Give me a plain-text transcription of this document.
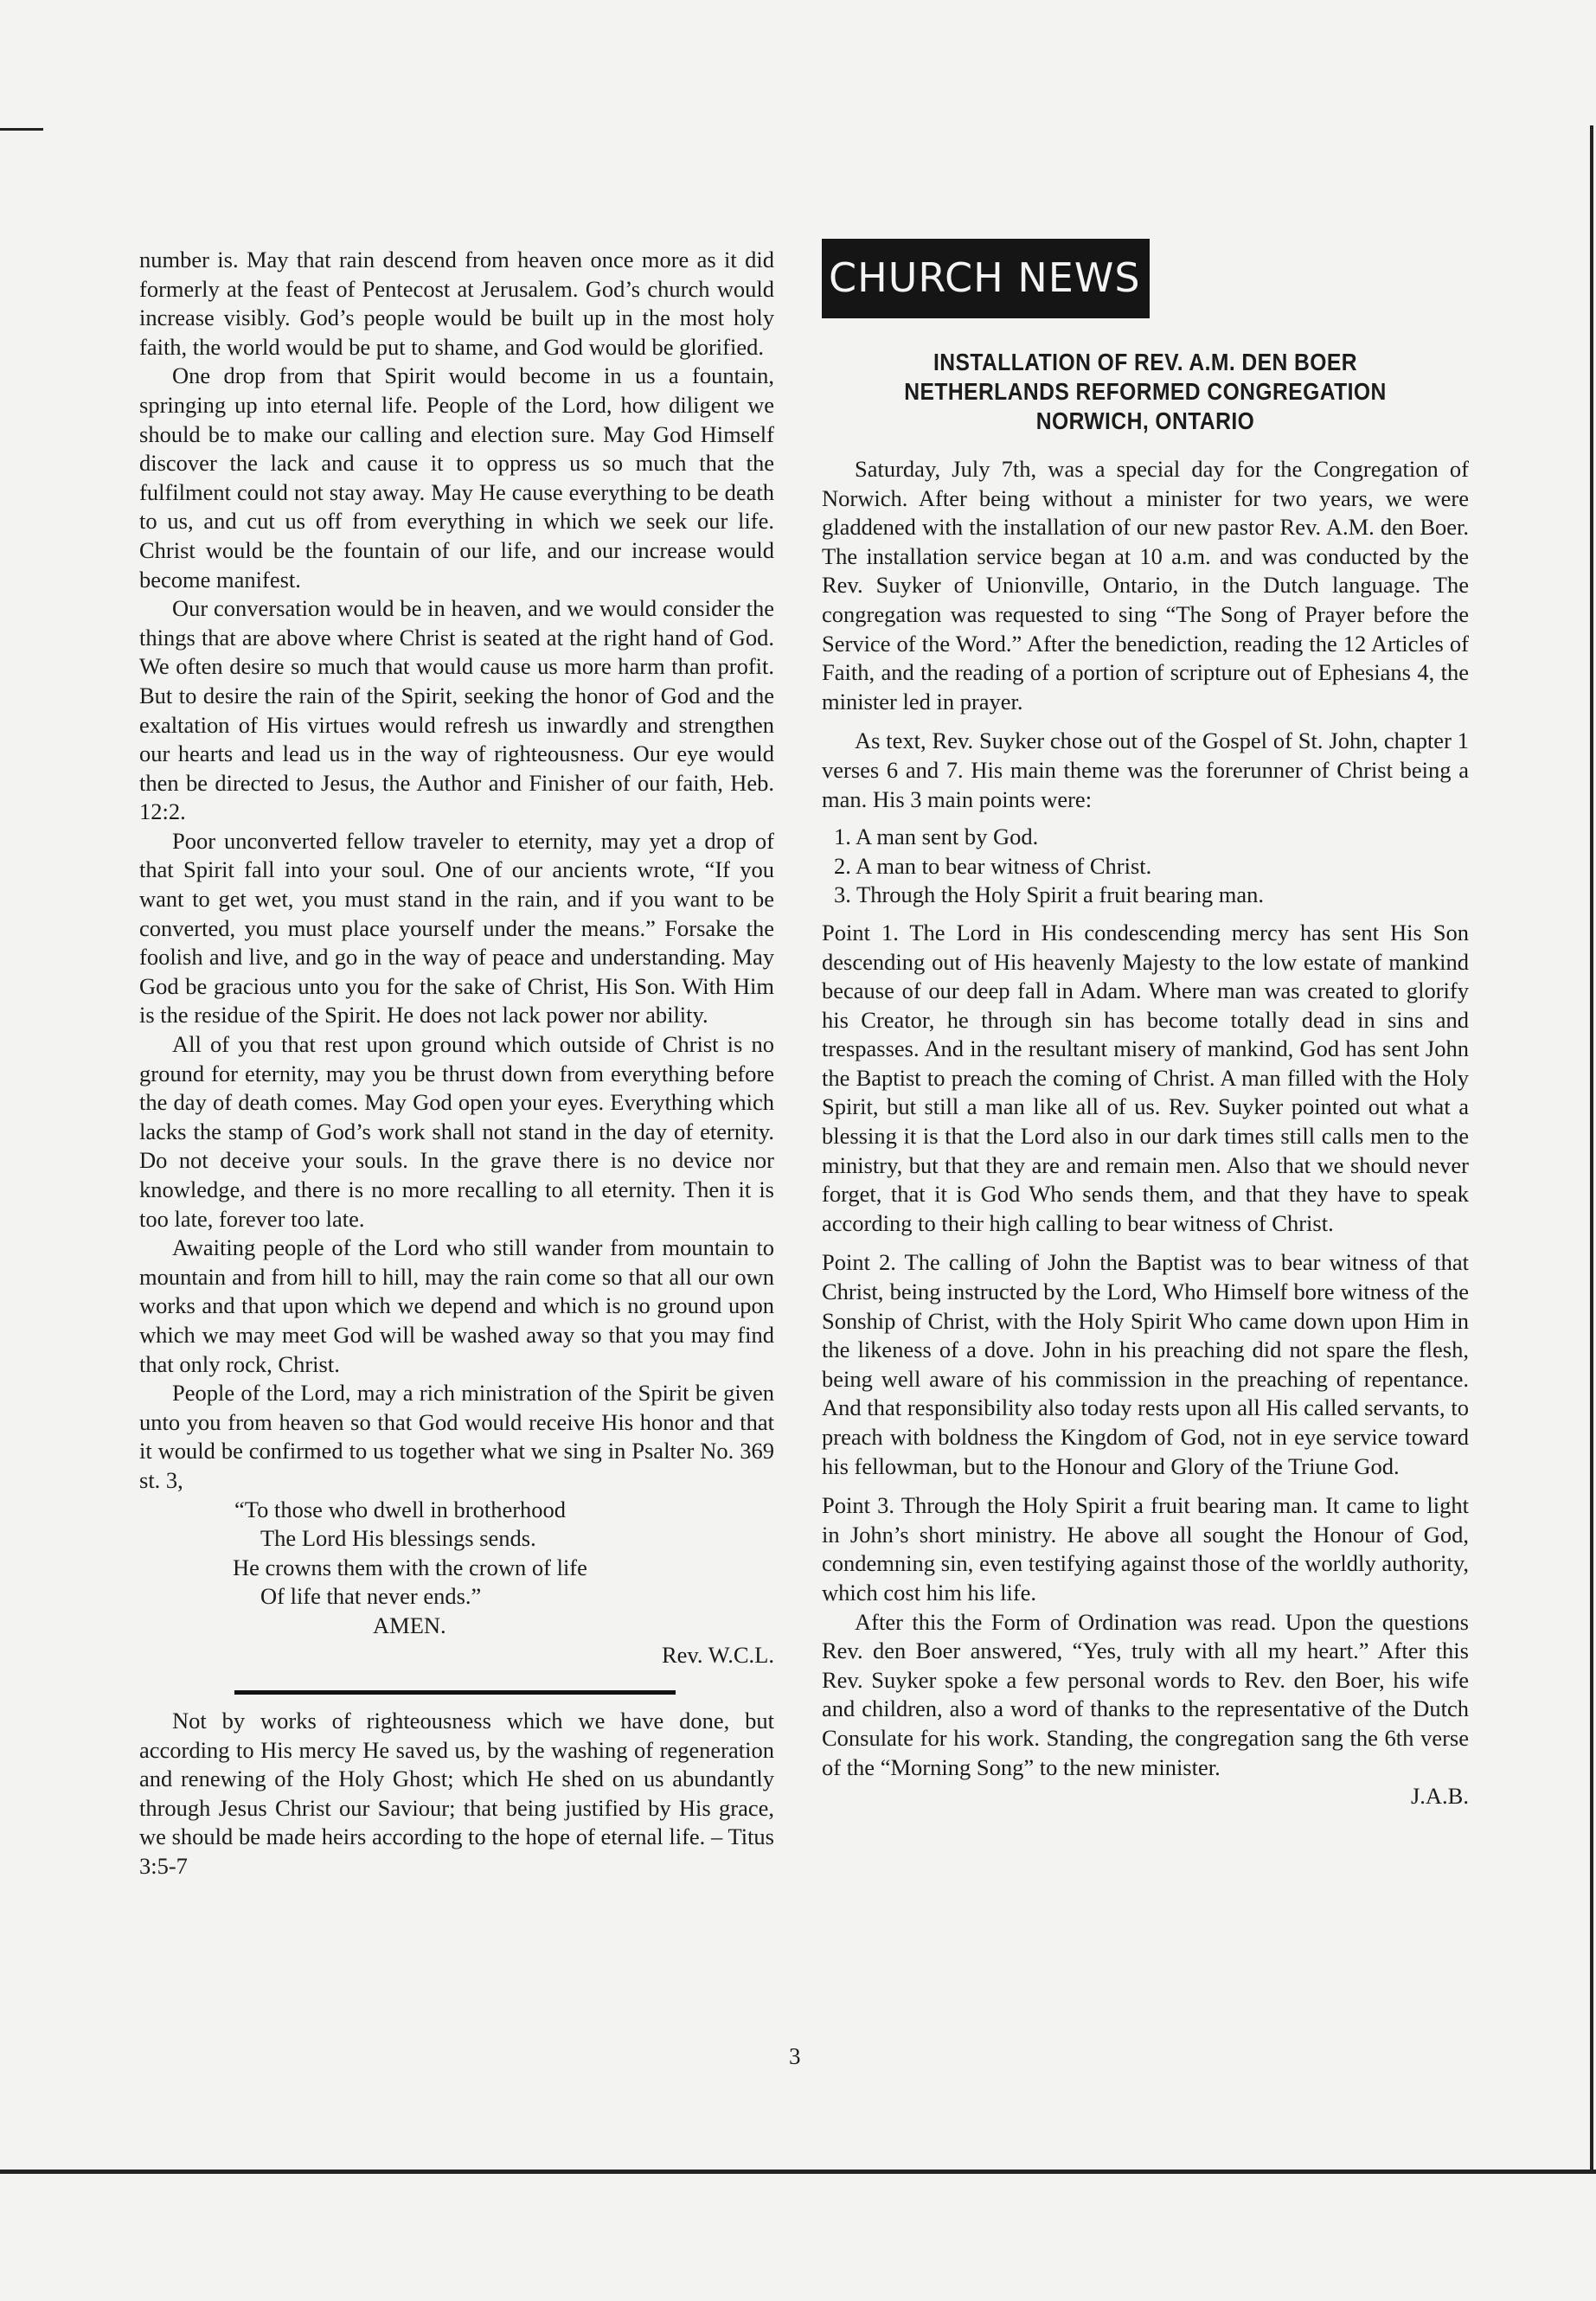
number is. May that rain descend from heaven once more as it did formerly at the feast of Pentecost at Jerusalem. God’s church would increase visibly. God’s people would be built up in the most holy faith, the world would be put to shame, and God would be glorified.

One drop from that Spirit would become in us a fountain, springing up into eternal life. People of the Lord, how diligent we should be to make our calling and election sure. May God Himself discover the lack and cause it to oppress us so much that the fulfilment could not stay away. May He cause everything to be death to us, and cut us off from everything in which we seek our life. Christ would be the fountain of our life, and our increase would become manifest.

Our conversation would be in heaven, and we would consider the things that are above where Christ is seated at the right hand of God. We often desire so much that would cause us more harm than profit. But to desire the rain of the Spirit, seeking the honor of God and the exaltation of His virtues would refresh us inwardly and strengthen our hearts and lead us in the way of righteousness. Our eye would then be directed to Jesus, the Author and Finisher of our faith, Heb. 12:2.

Poor unconverted fellow traveler to eternity, may yet a drop of that Spirit fall into your soul. One of our ancients wrote, “If you want to get wet, you must stand in the rain, and if you want to be converted, you must place yourself under the means.” Forsake the foolish and live, and go in the way of peace and understanding. May God be gracious unto you for the sake of Christ, His Son. With Him is the residue of the Spirit. He does not lack power nor ability.

All of you that rest upon ground which outside of Christ is no ground for eternity, may you be thrust down from everything before the day of death comes. May God open your eyes. Everything which lacks the stamp of God’s work shall not stand in the day of eternity. Do not deceive your souls. In the grave there is no device nor knowledge, and there is no more recalling to all eternity. Then it is too late, forever too late.

Awaiting people of the Lord who still wander from mountain to mountain and from hill to hill, may the rain come so that all our own works and that upon which we depend and which is no ground upon which we may meet God will be washed away so that you may find that only rock, Christ.

People of the Lord, may a rich ministration of the Spirit be given unto you from heaven so that God would receive His honor and that it would be confirmed to us together what we sing in Psalter No. 369 st. 3,

“To those who dwell in brotherhood
The Lord His blessings sends.
He crowns them with the crown of life
Of life that never ends.”
AMEN.
Rev. W.C.L.

Not by works of righteousness which we have done, but according to His mercy He saved us, by the washing of regeneration and renewing of the Holy Ghost; which He shed on us abundantly through Jesus Christ our Saviour; that being justified by His grace, we should be made heirs according to the hope of eternal life. – Titus 3:5-7

CHURCH NEWS
INSTALLATION OF REV. A.M. DEN BOER
NETHERLANDS REFORMED CONGREGATION
NORWICH, ONTARIO

Saturday, July 7th, was a special day for the Congregation of Norwich. After being without a minister for two years, we were gladdened with the installation of our new pastor Rev. A.M. den Boer. The installation service began at 10 a.m. and was conducted by the Rev. Suyker of Unionville, Ontario, in the Dutch language. The congregation was requested to sing “The Song of Prayer before the Service of the Word.” After the benediction, reading the 12 Articles of Faith, and the reading of a portion of scripture out of Ephesians 4, the minister led in prayer.

As text, Rev. Suyker chose out of the Gospel of St. John, chapter 1 verses 6 and 7. His main theme was the forerunner of Christ being a man. His 3 main points were:

1. A man sent by God.
2. A man to bear witness of Christ.
3. Through the Holy Spirit a fruit bearing man.

Point 1. The Lord in His condescending mercy has sent His Son descending out of His heavenly Majesty to the low estate of mankind because of our deep fall in Adam. Where man was created to glorify his Creator, he through sin has become totally dead in sins and trespasses. And in the resultant misery of mankind, God has sent John the Baptist to preach the coming of Christ. A man filled with the Holy Spirit, but still a man like all of us. Rev. Suyker pointed out what a blessing it is that the Lord also in our dark times still calls men to the ministry, but that they are and remain men. Also that we should never forget, that it is God Who sends them, and that they have to speak according to their high calling to bear witness of Christ.

Point 2. The calling of John the Baptist was to bear witness of that Christ, being instructed by the Lord, Who Himself bore witness of the Sonship of Christ, with the Holy Spirit Who came down upon Him in the likeness of a dove. John in his preaching did not spare the flesh, being well aware of his commission in the preaching of repentance. And that responsibility also today rests upon all His called servants, to preach with boldness the Kingdom of God, not in eye service toward his fellowman, but to the Honour and Glory of the Triune God.

Point 3. Through the Holy Spirit a fruit bearing man. It came to light in John’s short ministry. He above all sought the Honour of God, condemning sin, even testifying against those of the worldly authority, which cost him his life.

After this the Form of Ordination was read. Upon the questions Rev. den Boer answered, “Yes, truly with all my heart.” After this Rev. Suyker spoke a few personal words to Rev. den Boer, his wife and children, also a word of thanks to the representative of the Dutch Consulate for his work. Standing, the congregation sang the 6th verse of the “Morning Song” to the new minister.

J.A.B.
3
